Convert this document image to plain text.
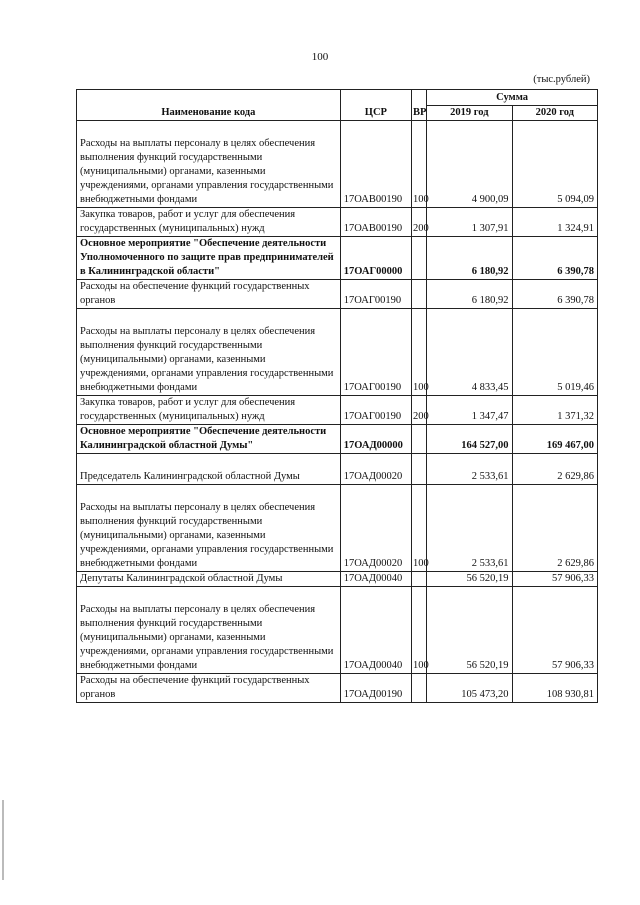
100
(тыс.рублей)
Наименование кода	ЦСР	ВР	Сумма	
			2019 год	2020 год
Расходы на выплаты персоналу в целях обеспечения выполнения функций государственными (муниципальными) органами, казенными учреждениями, органами управления государственными внебюджетными фондами	17ОАВ00190	100	4 900,09	5 094,09
Закупка товаров, работ и услуг для обеспечения государственных (муниципальных) нужд	17ОАВ00190	200	1 307,91	1 324,91
Основное мероприятие "Обеспечение деятельности Уполномоченного по защите прав предпринимателей в Калининградской области"	17ОАГ00000		6 180,92	6 390,78
Расходы на обеспечение функций государственных органов	17ОАГ00190		6 180,92	6 390,78
Расходы на выплаты персоналу в целях обеспечения выполнения функций государственными (муниципальными) органами, казенными учреждениями, органами управления государственными внебюджетными фондами	17ОАГ00190	100	4 833,45	5 019,46
Закупка товаров, работ и услуг для обеспечения государственных (муниципальных) нужд	17ОАГ00190	200	1 347,47	1 371,32
Основное мероприятие "Обеспечение деятельности Калининградской областной Думы"	17ОАД00000		164 527,00	169 467,00
Председатель Калининградской областной Думы	17ОАД00020		2 533,61	2 629,86
Расходы на выплаты персоналу в целях обеспечения выполнения функций государственными (муниципальными) органами, казенными учреждениями, органами управления государственными внебюджетными фондами	17ОАД00020	100	2 533,61	2 629,86
Депутаты Калининградской областной Думы	17ОАД00040		56 520,19	57 906,33
Расходы на выплаты персоналу в целях обеспечения выполнения функций государственными (муниципальными) органами, казенными учреждениями, органами управления государственными внебюджетными фондами	17ОАД00040	100	56 520,19	57 906,33
Расходы на обеспечение функций государственных органов	17ОАД00190		105 473,20	108 930,81
